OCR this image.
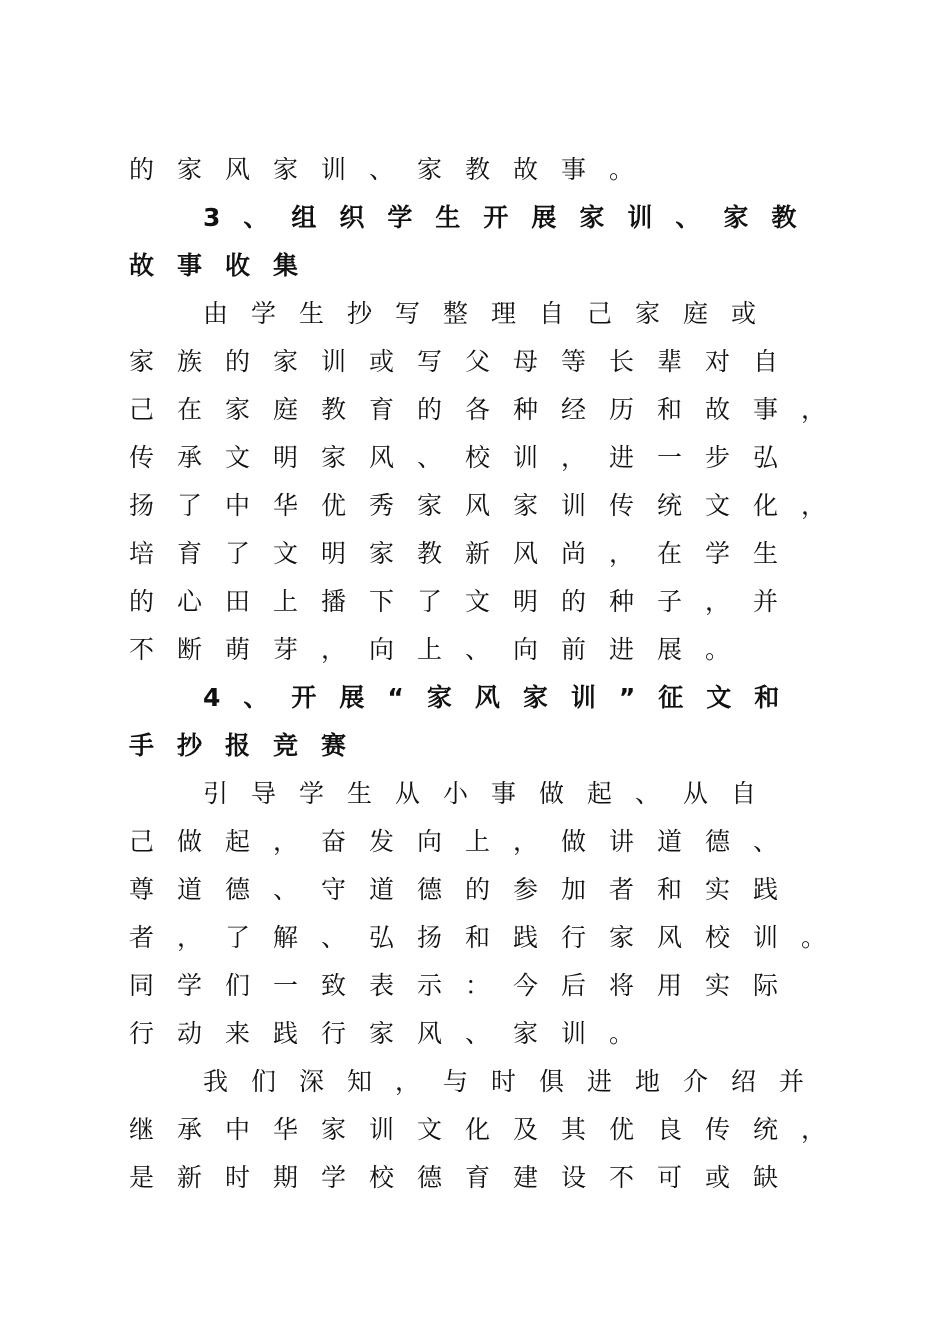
的家风家训、家教故事。
3、组织学生开展家训、家教
故事收集
由学生抄写整理自己家庭或
家族的家训或写父母等长辈对自
己在家庭教育的各种经历和故事，
传承文明家风、校训，进一步弘
扬了中华优秀家风家训传统文化，
培育了文明家教新风尚，在学生
的心田上播下了文明的种子，并
不断萌芽，向上、向前进展。
4、开展“家风家训”征文和
手抄报竞赛
引导学生从小事做起、从自
己做起，奋发向上，做讲道德、
尊道德、守道德的参加者和实践
者，了解、弘扬和践行家风校训。
同学们一致表示：今后将用实际
行动来践行家风、家训。
我们深知，与时俱进地介绍并
继承中华家训文化及其优良传统，
是新时期学校德育建设不可或缺
